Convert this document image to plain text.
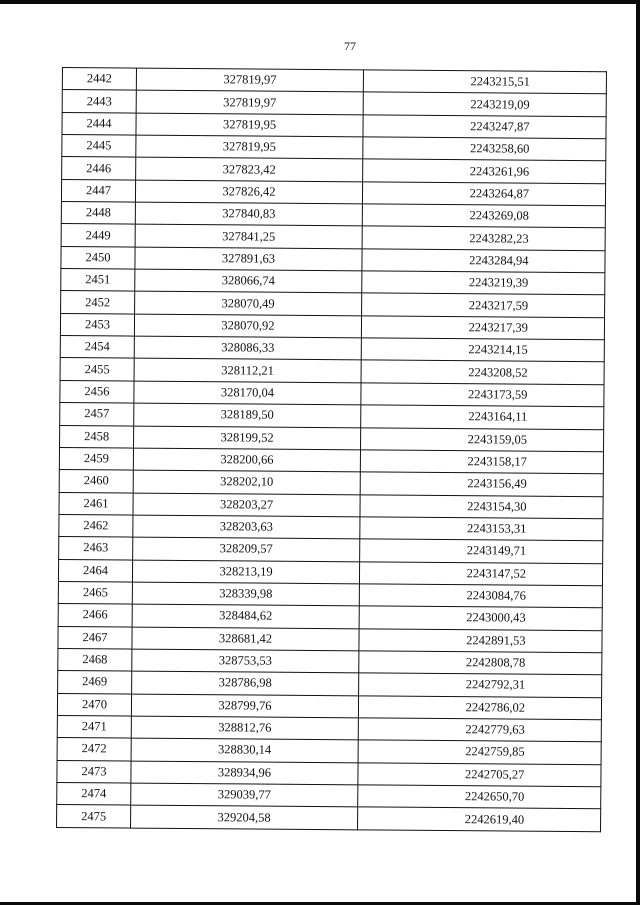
77
2442	327819,97	2243215,51
2443	327819,97	2243219,09
2444	327819,95	2243247,87
2445	327819,95	2243258,60
2446	327823,42	2243261,96
2447	327826,42	2243264,87
2448	327840,83	2243269,08
2449	327841,25	2243282,23
2450	327891,63	2243284,94
2451	328066,74	2243219,39
2452	328070,49	2243217,59
2453	328070,92	2243217,39
2454	328086,33	2243214,15
2455	328112,21	2243208,52
2456	328170,04	2243173,59
2457	328189,50	2243164,11
2458	328199,52	2243159,05
2459	328200,66	2243158,17
2460	328202,10	2243156,49
2461	328203,27	2243154,30
2462	328203,63	2243153,31
2463	328209,57	2243149,71
2464	328213,19	2243147,52
2465	328339,98	2243084,76
2466	328484,62	2243000,43
2467	328681,42	2242891,53
2468	328753,53	2242808,78
2469	328786,98	2242792,31
2470	328799,76	2242786,02
2471	328812,76	2242779,63
2472	328830,14	2242759,85
2473	328934,96	2242705,27
2474	329039,77	2242650,70
2475	329204,58	2242619,40
